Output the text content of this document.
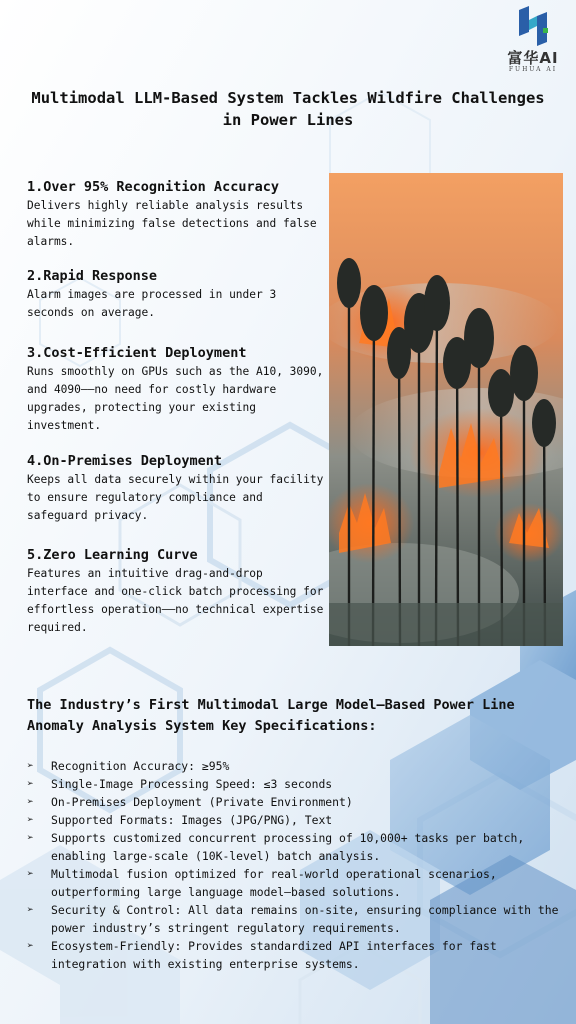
富华AI
FUHUA AI
Multimodal LLM-Based System Tackles Wildfire Challenges in Power Lines
1.Over 95% Recognition Accuracy
Delivers highly reliable analysis results while minimizing false detections and false alarms.
2.Rapid Response
Alarm images are processed in under 3 seconds on average.
3.Cost-Efficient Deployment
Runs smoothly on GPUs such as the A10, 3090, and 4090——no need for costly hardware upgrades, protecting your existing investment.
4.On-Premises Deployment
Keeps all data securely within your facility to ensure regulatory compliance and safeguard privacy.
5.Zero Learning Curve
Features an intuitive drag-and-drop interface and one-click batch processing for effortless operation——no technical expertise required.
The Industry’s First Multimodal Large Model–Based Power Line Anomaly Analysis System Key Specifications:
➢ Recognition Accuracy: ≥95%
➢ Single-Image Processing Speed: ≤3 seconds
➢ On-Premises Deployment (Private Environment)
➢ Supported Formats: Images (JPG/PNG), Text
➢ Supports customized concurrent processing of 10,000+ tasks per batch, enabling large-scale (10K-level) batch analysis.
➢ Multimodal fusion optimized for real-world operational scenarios, outperforming large language model–based solutions.
➢ Security & Control: All data remains on-site, ensuring compliance with the power industry’s stringent regulatory requirements.
➢ Ecosystem-Friendly: Provides standardized API interfaces for fast integration with existing enterprise systems.
